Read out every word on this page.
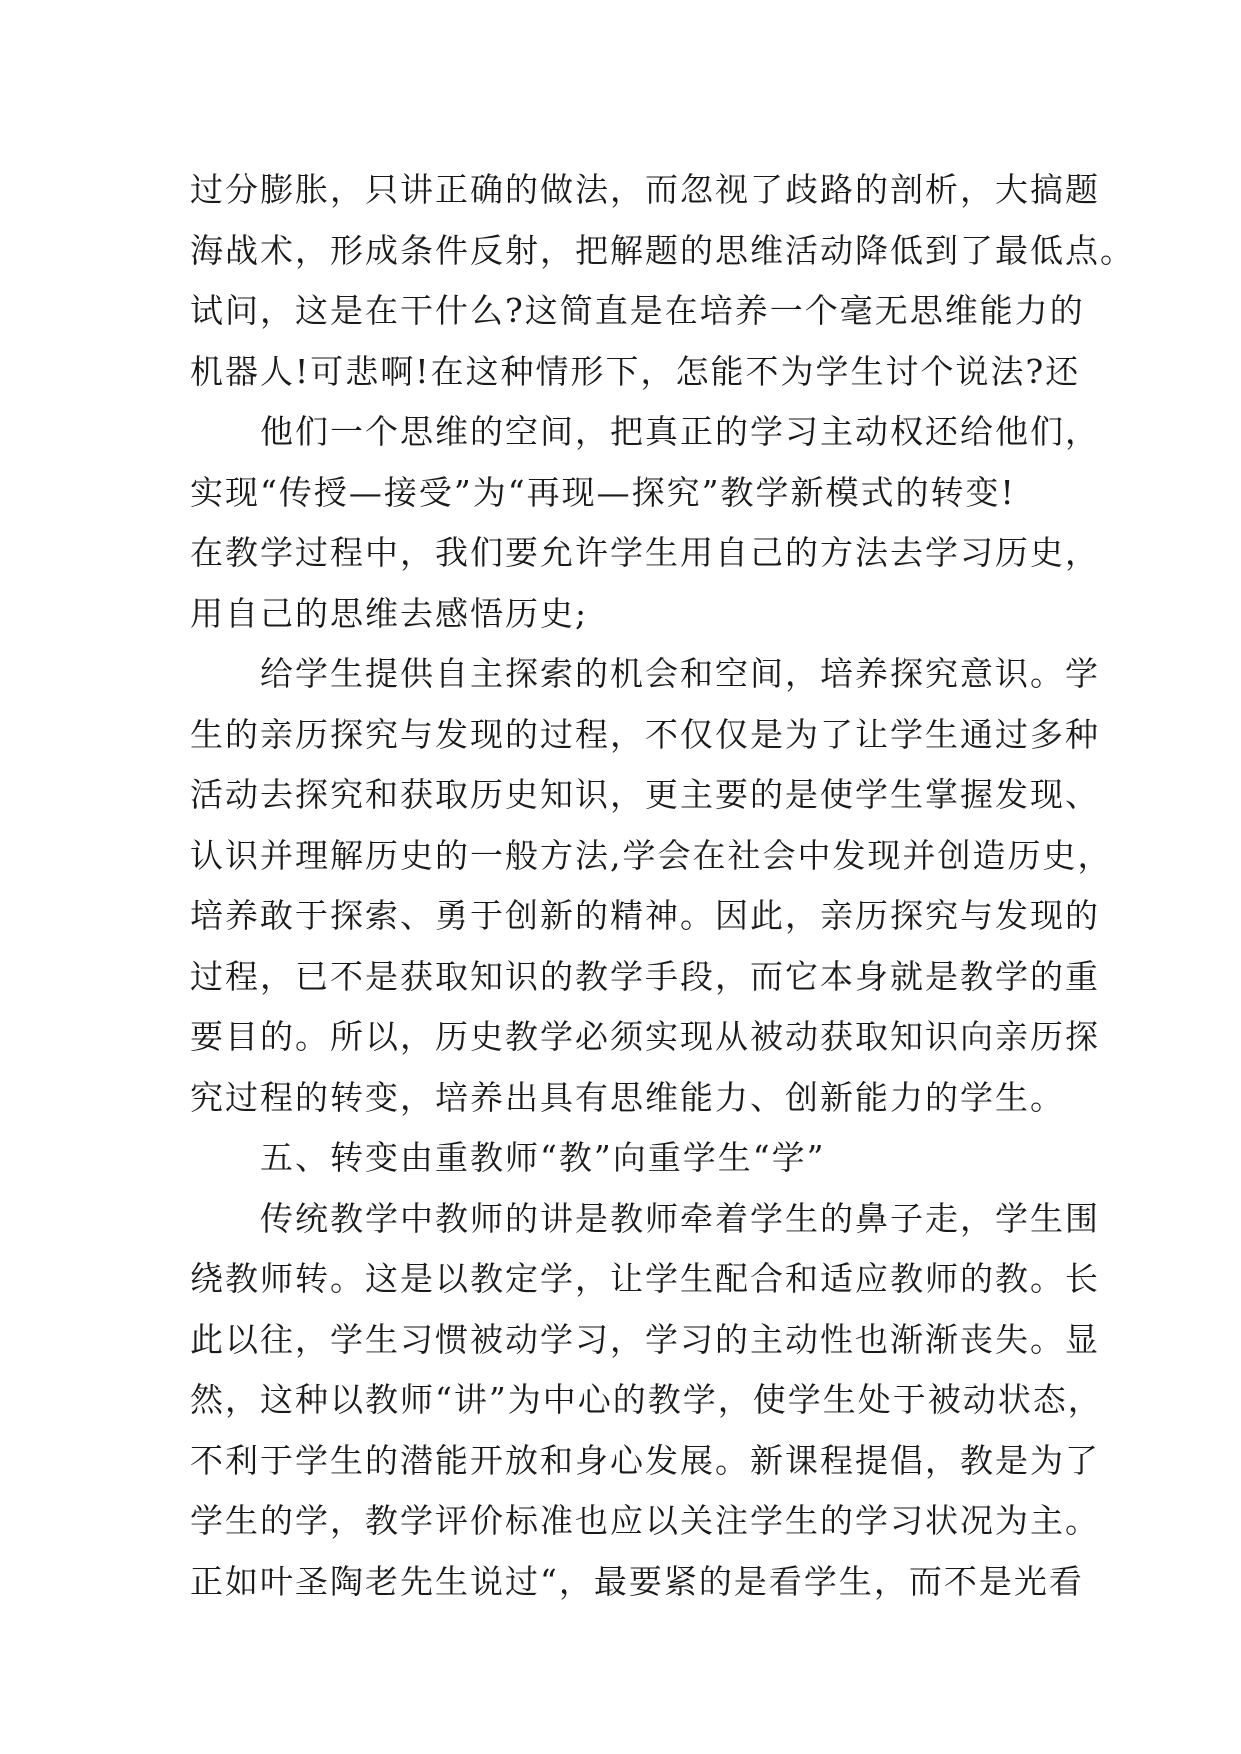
过分膨胀，只讲正确的做法，而忽视了歧路的剖析，大搞题
海战术，形成条件反射，把解题的思维活动降低到了最低点。
试问，这是在干什么?这简直是在培养一个毫无思维能力的
机器人!可悲啊!在这种情形下，怎能不为学生讨个说法?还
他们一个思维的空间，把真正的学习主动权还给他们，
实现“传授—接受”为“再现—探究”教学新模式的转变!
在教学过程中，我们要允许学生用自己的方法去学习历史，
用自己的思维去感悟历史;
给学生提供自主探索的机会和空间，培养探究意识。学
生的亲历探究与发现的过程，不仅仅是为了让学生通过多种
活动去探究和获取历史知识，更主要的是使学生掌握发现、
认识并理解历史的一般方法,学会在社会中发现并创造历史，
培养敢于探索、勇于创新的精神。因此，亲历探究与发现的
过程，已不是获取知识的教学手段，而它本身就是教学的重
要目的。所以，历史教学必须实现从被动获取知识向亲历探
究过程的转变，培养出具有思维能力、创新能力的学生。
五、转变由重教师“教”向重学生“学”
传统教学中教师的讲是教师牵着学生的鼻子走，学生围
绕教师转。这是以教定学，让学生配合和适应教师的教。长
此以往，学生习惯被动学习，学习的主动性也渐渐丧失。显
然，这种以教师“讲”为中心的教学，使学生处于被动状态，
不利于学生的潜能开放和身心发展。新课程提倡，教是为了
学生的学，教学评价标准也应以关注学生的学习状况为主。
正如叶圣陶老先生说过“，最要紧的是看学生，而不是光看
